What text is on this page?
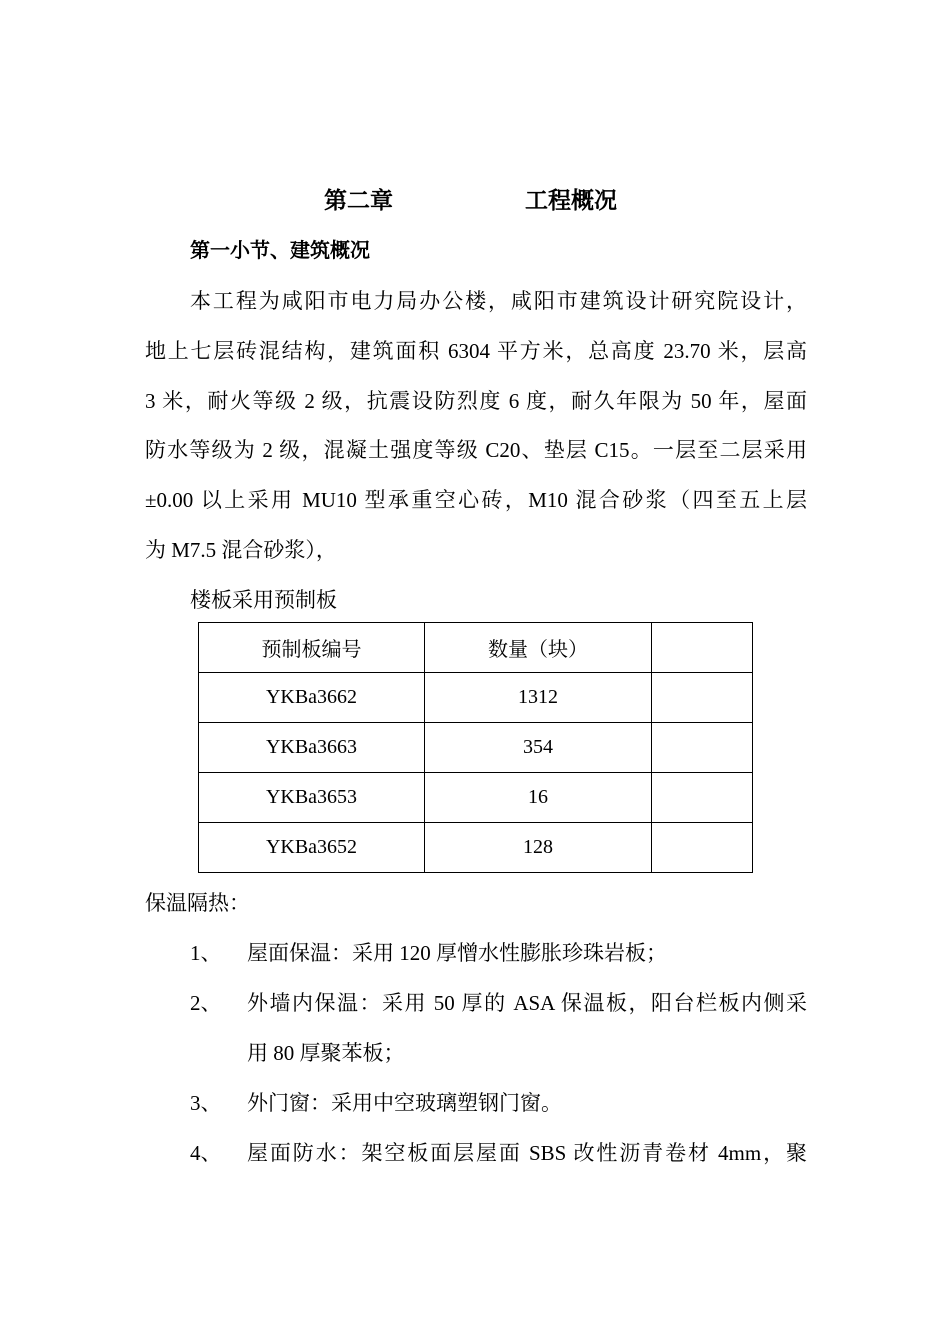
第二章	工程概况
第一小节、建筑概况
本工程为咸阳市电力局办公楼，咸阳市建筑设计研究院设计，
地上七层砖混结构，建筑面积 6304 平方米，总高度 23.70 米，层高
3 米，耐火等级 2 级，抗震设防烈度 6 度，耐久年限为 50 年，屋面
防水等级为 2 级，混凝土强度等级 C20、垫层 C15。一层至二层采用
±0.00 以上采用 MU10 型承重空心砖，M10 混合砂浆（四至五上层
为 M7.5 混合砂浆），
楼板采用预制板
预制板编号	数量（块）	
YKBa3662	1312	
YKBa3663	354	
YKBa3653	16	
YKBa3652	128	
保温隔热：
1、 屋面保温：采用 120 厚憎水性膨胀珍珠岩板；
2、 外墙内保温：采用 50 厚的 ASA 保温板，阳台栏板内侧采
用 80 厚聚苯板；
3、 外门窗：采用中空玻璃塑钢门窗。
4、 屋面防水：架空板面层屋面 SBS 改性沥青卷材 4mm，聚
